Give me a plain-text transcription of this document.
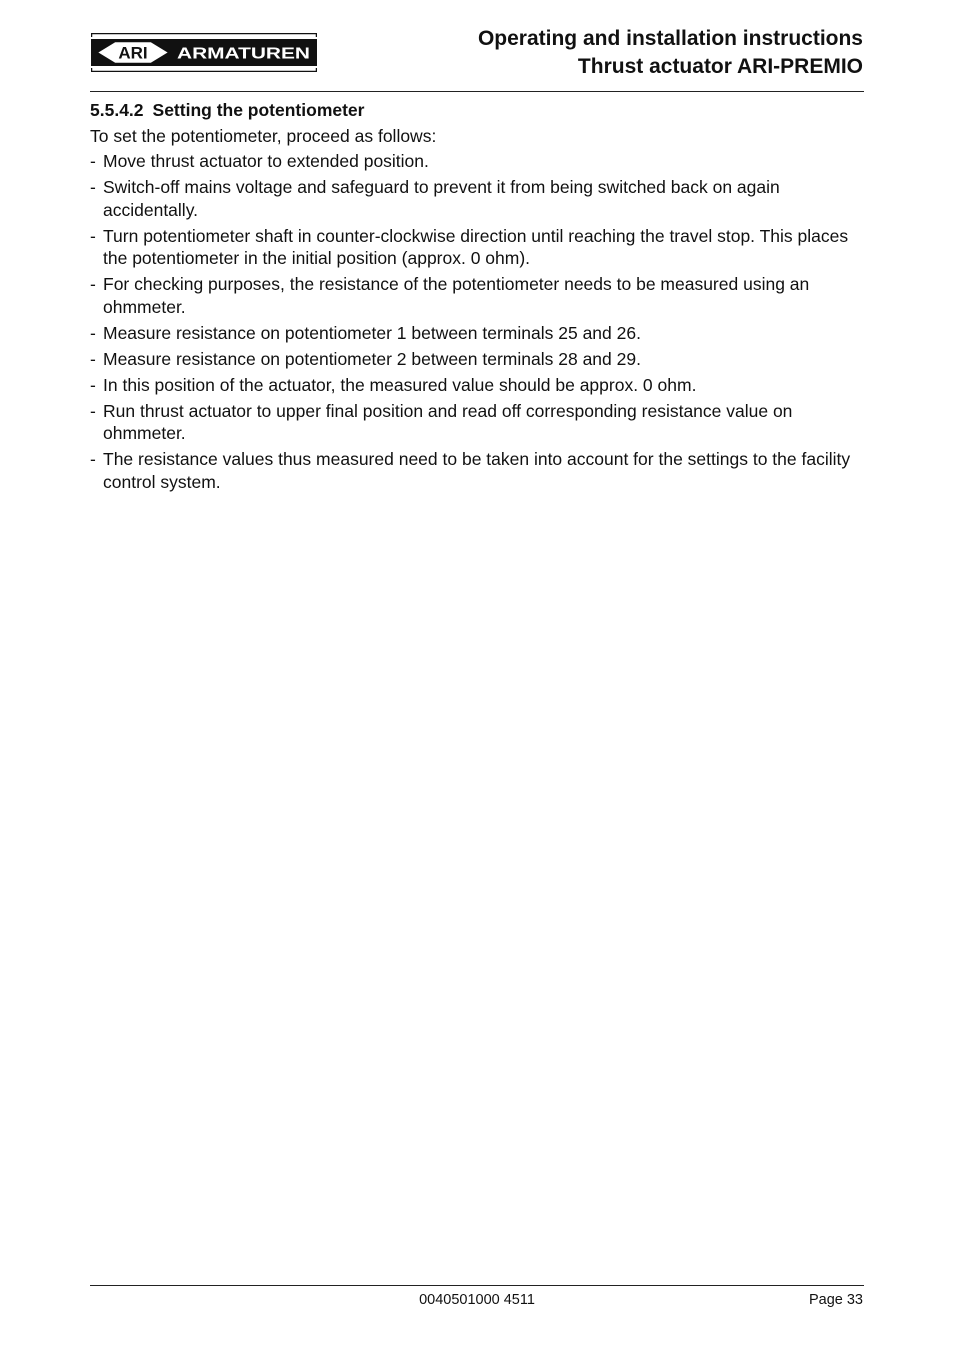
ARI ARMATUREN
Operating and installation instructions
Thrust actuator ARI-PREMIO
5.5.4.2 Setting the potentiometer
To set the potentiometer, proceed as follows:
- Move thrust actuator to extended position.
- Switch-off mains voltage and safeguard to prevent it from being switched back on again accidentally.
- Turn potentiometer shaft in counter-clockwise direction until reaching the travel stop. This places the potentiometer in the initial position (approx. 0 ohm).
- For checking purposes, the resistance of the potentiometer needs to be measured using an ohmmeter.
- Measure resistance on potentiometer 1 between terminals 25 and 26.
- Measure resistance on potentiometer 2 between terminals 28 and 29.
- In this position of the actuator, the measured value should be approx. 0 ohm.
- Run thrust actuator to upper final position and read off corresponding resistance value on ohmmeter.
- The resistance values thus measured need to be taken into account for the settings to the facility control system.
0040501000 4511	Page 33
